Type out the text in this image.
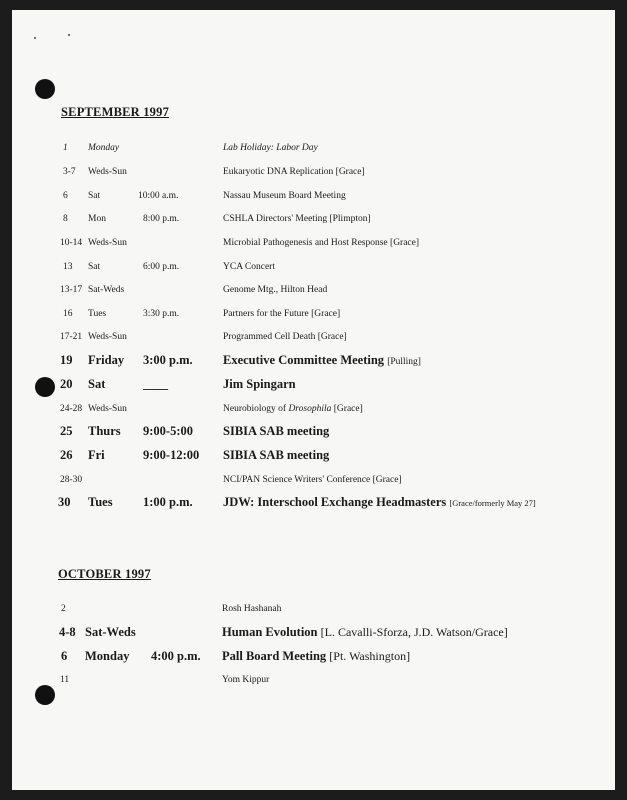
SEPTEMBER 1997
1 Monday	Lab Holiday: Labor Day
3-7 Weds-Sun	Eukaryotic DNA Replication [Grace]
6 Sat	10:00 a.m.	Nassau Museum Board Meeting
8 Mon	8:00 p.m.	CSHLA Directors' Meeting [Plimpton]
10-14 Weds-Sun	Microbial Pathogenesis and Host Response [Grace]
13 Sat	6:00 p.m.	YCA Concert
13-17 Sat-Weds	Genome Mtg., Hilton Head
16 Tues	3:30 p.m.	Partners for the Future [Grace]
17-21 Weds-Sun	Programmed Cell Death [Grace]
19 Friday 3:00 p.m. Executive Committee Meeting [Pulling]
20 Sat	____	Jim Spingarn
24-28 Weds-Sun	Neurobiology of Drosophila [Grace]
25 Thurs 9:00-5:00 SIBIA SAB meeting
26 Fri	9:00-12:00 SIBIA SAB meeting
28-30	NCI/PAN Science Writers' Conference [Grace]
30 Tues 1:00 p.m. JDW: Interschool Exchange Headmasters [Grace/formerly May 27]
OCTOBER 1997
2	Rosh Hashanah
4-8 Sat-Weds	Human Evolution [L. Cavalli-Sforza, J.D. Watson/Grace]
6 Monday 4:00 p.m. Pall Board Meeting [Pt. Washington]
11	Yom Kippur
